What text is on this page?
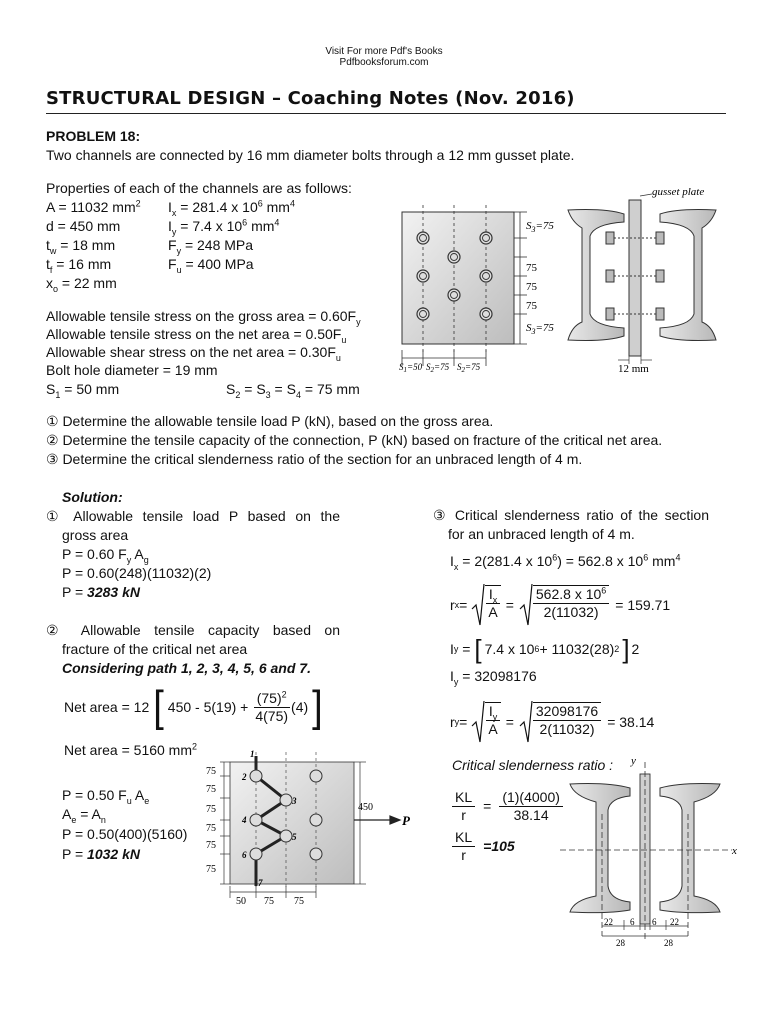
Visit For more Pdf's Books
Pdfbooksforum.com
STRUCTURAL DESIGN – Coaching Notes (Nov. 2016)
PROBLEM 18:
Two channels are connected by 16 mm diameter bolts through a 12 mm gusset plate.
Properties of each of the channels are as follows:
A = 11032 $mm^2$
d = 450 mm
$t_w = 18$ mm
$t_f = 16$ mm
$x_o = 22$ mm
$I_x = 281.4$ x $10^6$ $mm^4$
$I_y = 7.4$ x $10^6$ $mm^4$
$F_y = 248$ MPa
$F_u = 400$ MPa
Allowable tensile stress on the gross area = $0.60F_y$
Allowable tensile stress on the net area = $0.50F_u$
Allowable shear stress on the net area = $0.30F_u$
Bolt hole diameter = 19 mm
$S_1 = 50$ mm	$S_2 = S_3 = S_4 = 75$ mm
① Determine the allowable tensile load P (kN), based on the gross area.
② Determine the tensile capacity of the connection, P (kN) based on fracture of the critical net area.
③ Determine the critical slenderness ratio of the section for an unbraced length of 4 m.
$S_3=75$
75
75
75
$S_3=75$
$S_1=50$ $S_2=75$ $S_2=75$
gusset plate
12 mm
Solution:
① Allowable tensile load P based on the
gross area
P = 0.60 $F_y$ $A_g$
P = 0.60(248)(11032)(2)
P = 3283 kN
② Allowable tensile capacity based on
fracture of the critical net area
Considering path 1, 2, 3, 4, 5, 6 and 7.
Net area = 12 [ $450 - 5(19) + \frac{(75)^2}{4(75)} (4)$ ]
Net area = 5160 $mm^2$
P = 0.50 $F_u$ $A_e$
$A_e = A_n$
P = 0.50(400)(5160)
P = 1032 kN
75
75
75
75
75
75
1
2
3
4
5
6
7
450
P
50 75 75
③ Critical slenderness ratio of the section
for an unbraced length of 4 m.
$I_x = 2(281.4$ x $10^6) = 562.8$ x $10^6$ $mm^4$
r $x = \frac{I_x}{A} = \frac{562.8 x 10^6}{2(11032)} = 159.71$
I y = [ 7.4 x 10 6 + 11032(28) 2 ] 2
$I_y = 32098176$
r $y = \frac{I_y}{A} = \frac{32098176}{2(11032)} = 38.14$
Critical slenderness ratio :
$\frac{KL}{r} = \frac{(1)(4000)}{38.14}$
$\frac{KL}{r} = 105$
y
x
22 6 6 22
28	28
